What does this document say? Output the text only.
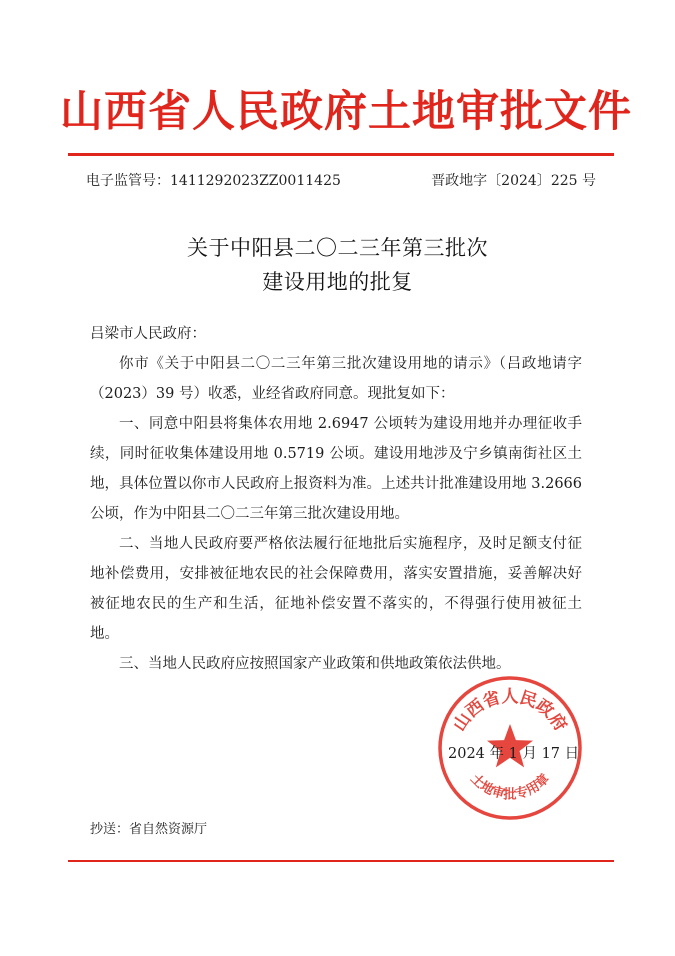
山西省人民政府土地审批文件
电子监管号：1411292023ZZ0011425	晋政地字〔2024〕225 号
关于中阳县二〇二三年第三批次
建设用地的批复

吕梁市人民政府：

你市《关于中阳县二〇二三年第三批次建设用地的请示》（吕政地请字（2023）39 号）收悉，业经省政府同意。现批复如下：

一、同意中阳县将集体农用地 2.6947 公顷转为建设用地并办理征收手续，同时征收集体建设用地 0.5719 公顷。建设用地涉及宁乡镇南街社区土地，具体位置以你市人民政府上报资料为准。上述共计批准建设用地 3.2666 公顷，作为中阳县二〇二三年第三批次建设用地。

二、当地人民政府要严格依法履行征地批后实施程序，及时足额支付征地补偿费用，安排被征地农民的社会保障费用，落实安置措施，妥善解决好被征地农民的生产和生活，征地补偿安置不落实的，不得强行使用被征土地。

三、当地人民政府应按照国家产业政策和供地政策依法供地。

山西省人民政府
土地审批专用章
2024 年 1 月 17 日
抄送：省自然资源厅
